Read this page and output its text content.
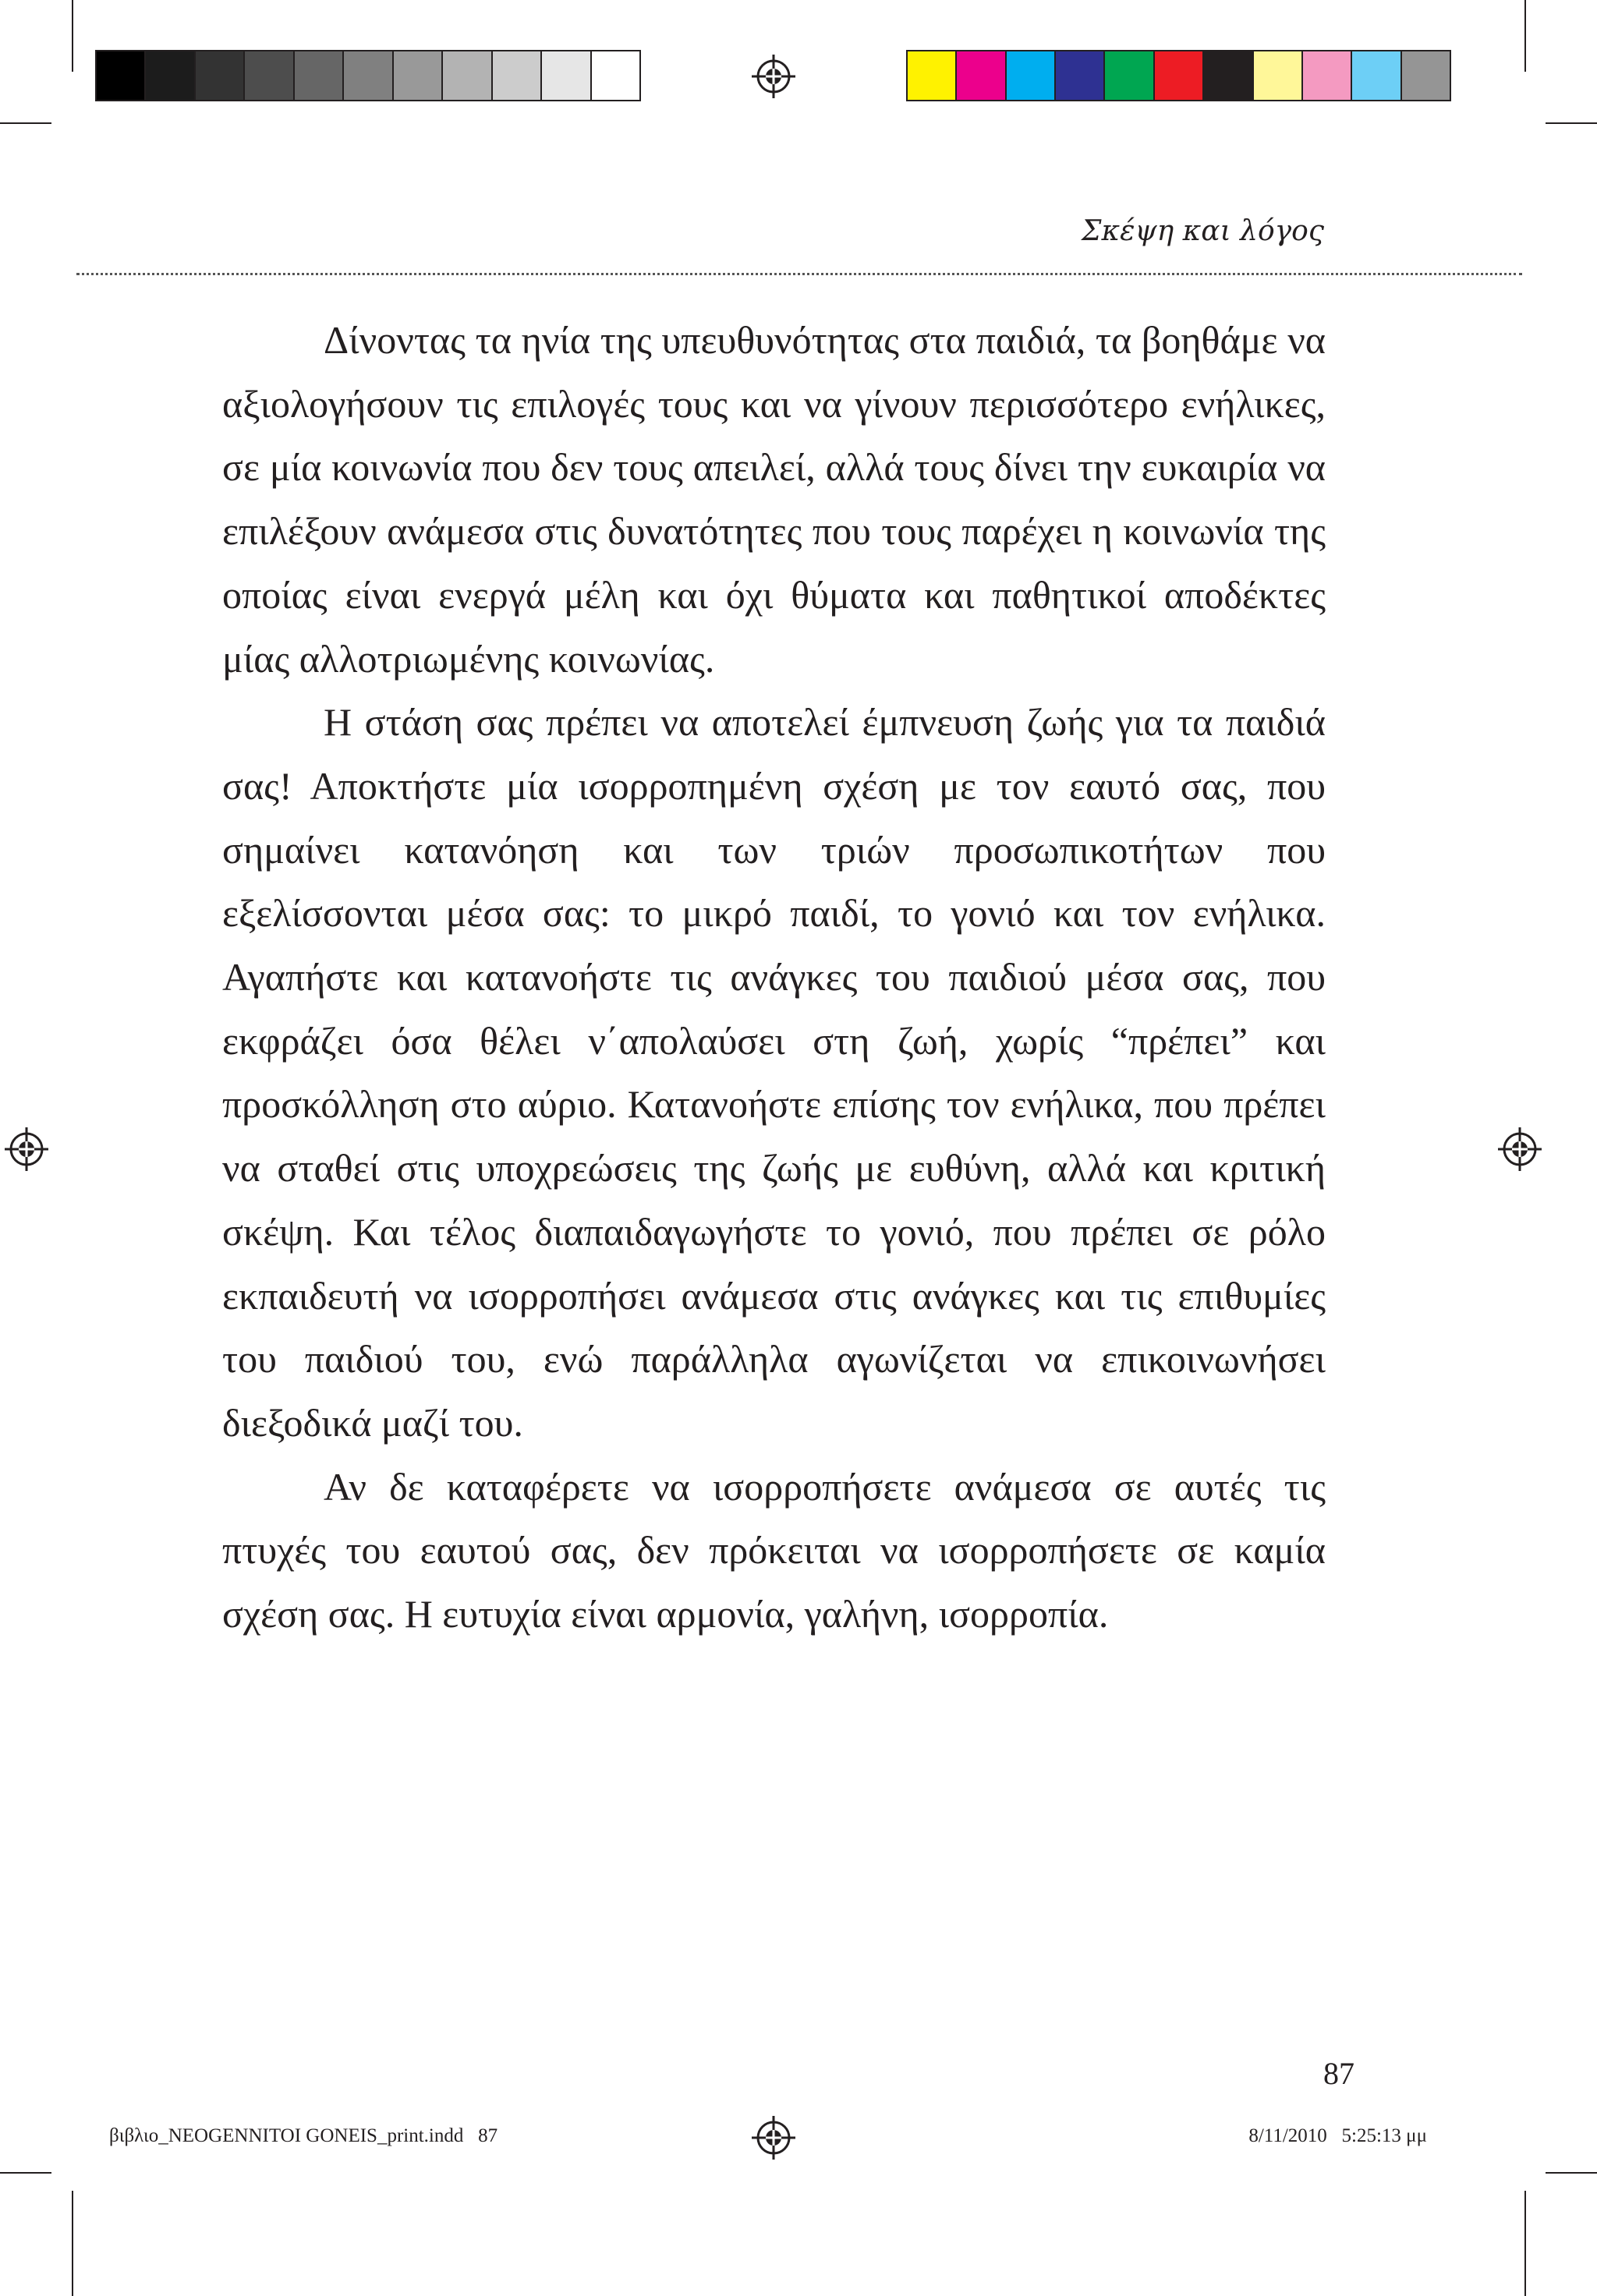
Σκέψη και λόγος

Δίνοντας τα ηνία της υπευθυνότητας στα παιδιά, τα βοηθάμε να αξιολογήσουν τις επιλογές τους και να γίνουν περισσότερο ενήλικες, σε μία κοινωνία που δεν τους απειλεί, αλλά τους δίνει την ευκαιρία να επιλέξουν ανάμεσα στις δυνατότητες που τους παρέχει η κοινωνία της οποίας είναι ενεργά μέλη και όχι θύματα και παθητικοί αποδέκτες μίας αλλοτριωμένης κοινωνίας.

Η στάση σας πρέπει να αποτελεί έμπνευση ζωής για τα παιδιά σας! Αποκτήστε μία ισορροπημένη σχέση με τον εαυτό σας, που σημαίνει κατανόηση και των τριών προσωπικοτήτων που εξελίσσονται μέσα σας: το μικρό παιδί, το γονιό και τον ενήλικα. Αγαπήστε και κατανοήστε τις ανάγκες του παιδιού μέσα σας, που εκφράζει όσα θέλει ν΄απολαύσει στη ζωή, χωρίς “πρέπει” και προσκόλληση στο αύριο. Κατανοήστε επίσης τον ενήλικα, που πρέπει να σταθεί στις υποχρεώσεις της ζωής με ευθύνη, αλλά και κριτική σκέψη. Και τέλος διαπαιδαγωγήστε το γονιό, που πρέπει σε ρόλο εκπαιδευτή να ισορροπήσει ανάμεσα στις ανάγκες και τις επιθυμίες του παιδιού του, ενώ παράλληλα αγωνίζεται να επικοινωνήσει διεξοδικά μαζί του.

Αν δε καταφέρετε να ισορροπήσετε ανάμεσα σε αυτές τις πτυχές του εαυτού σας, δεν πρόκειται να ισορροπήσετε σε καμία σχέση σας. Η ευτυχία είναι αρμονία, γαλήνη, ισορροπία.

87
βιβλιο_NEOGENNITOI GONEIS_print.indd   87	8/11/2010   5:25:13 μμ
